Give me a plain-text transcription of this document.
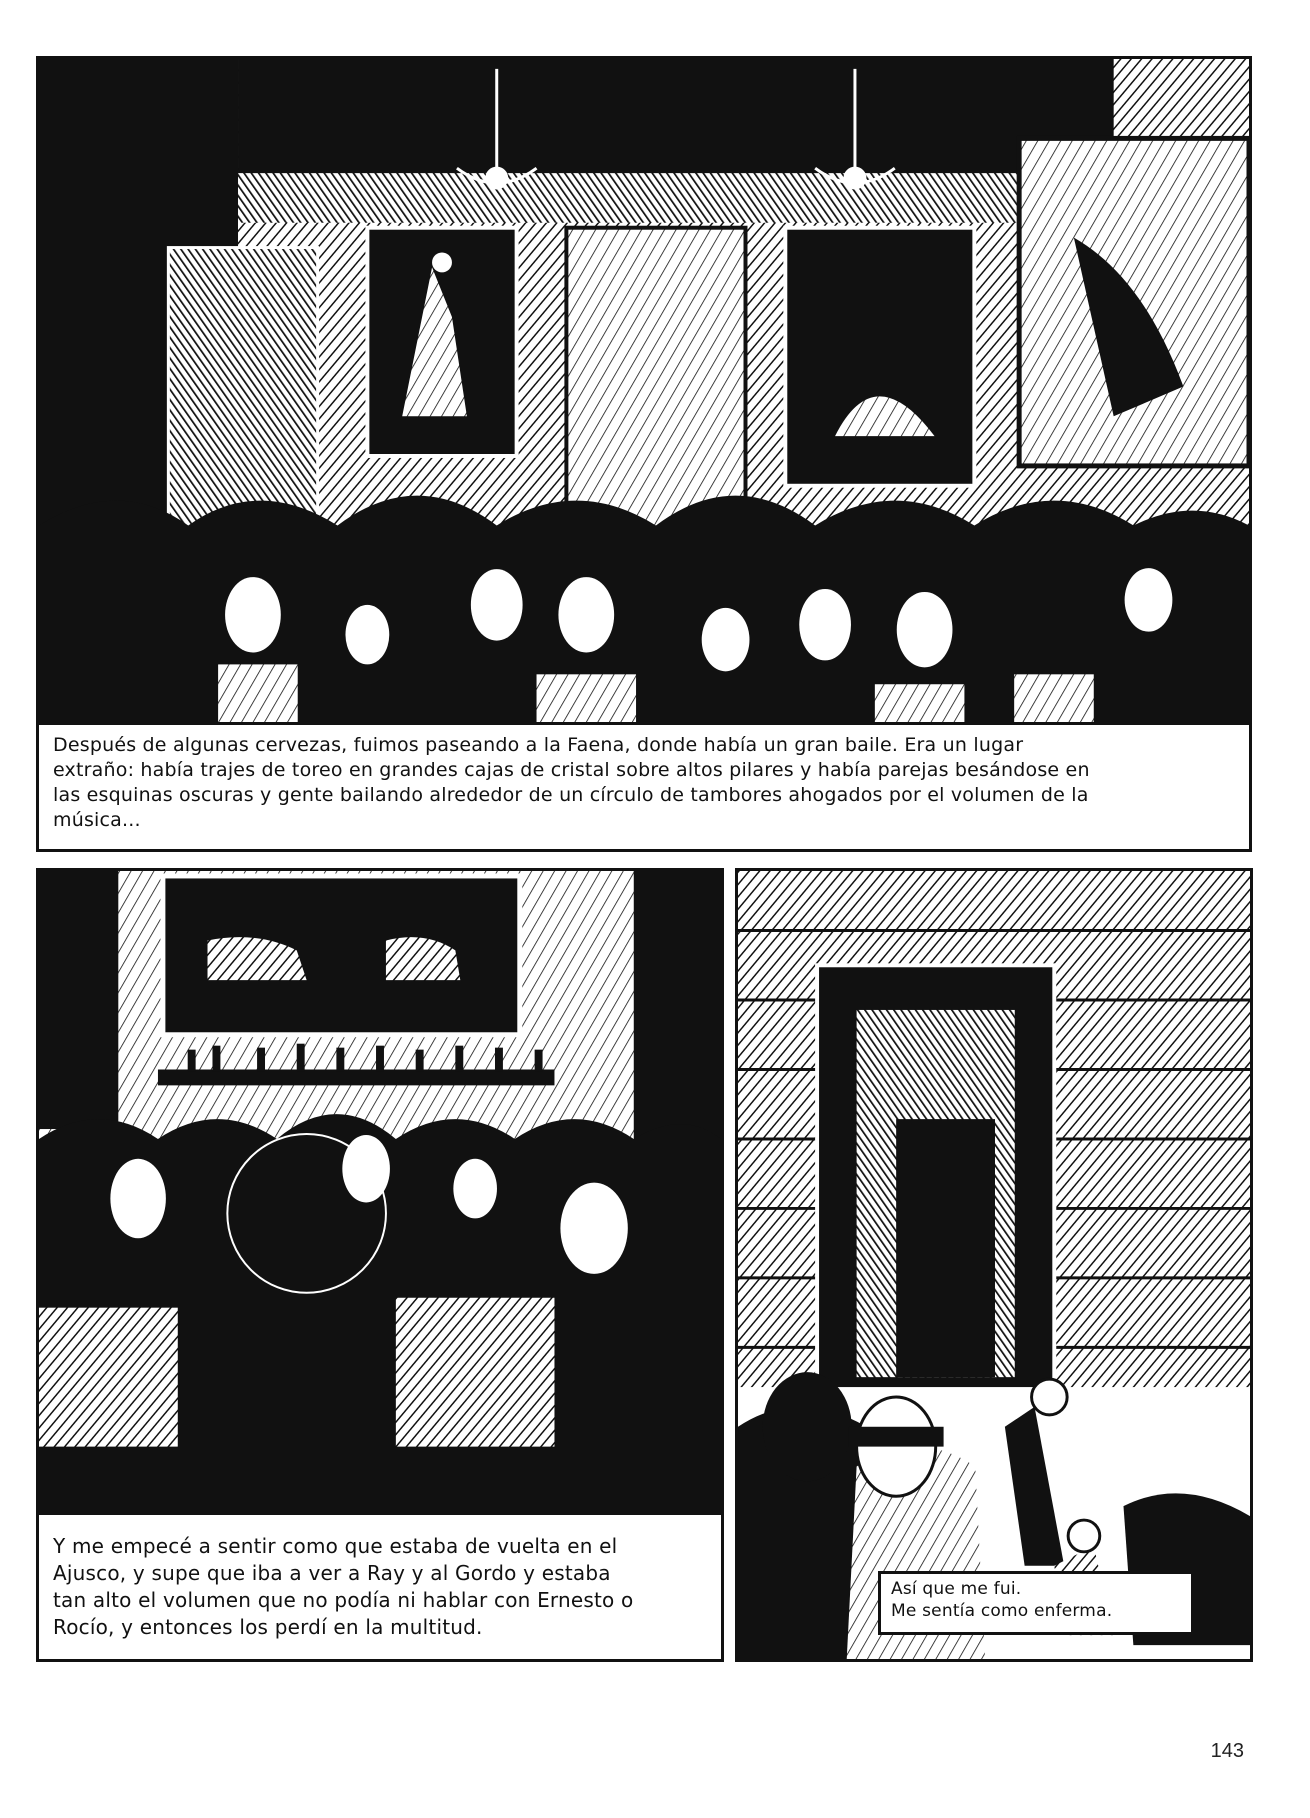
Después de algunas cervezas, fuimos paseando a la Faena, donde había un gran baile. Era un lugar
extraño: había trajes de toreo en grandes cajas de cristal sobre altos pilares y había parejas besándose en
las esquinas oscuras y gente bailando alrededor de un círculo de tambores ahogados por el volumen de la
música...
Y me empecé a sentir como que estaba de vuelta en el
Ajusco, y supe que iba a ver a Ray y al Gordo y estaba
tan alto el volumen que no podía ni hablar con Ernesto o
Rocío, y entonces los perdí en la multitud.
Así que me fui.
Me sentía como enferma.
143
